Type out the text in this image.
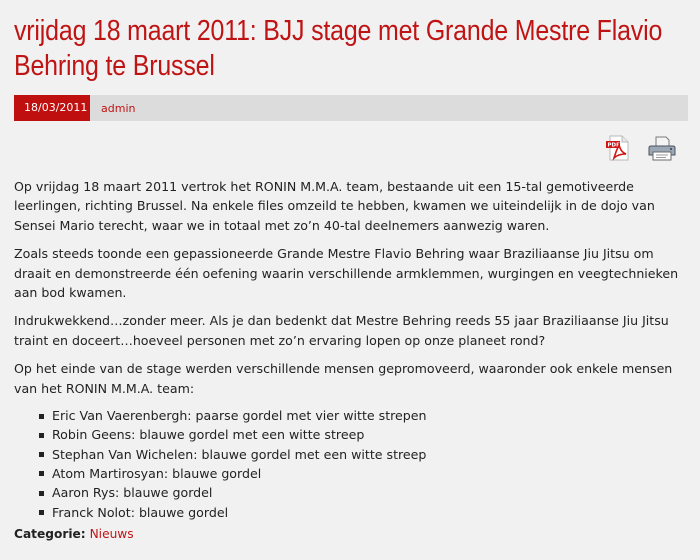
vrijdag 18 maart 2011: BJJ stage met Grande Mestre Flavio Behring te Brussel
18/03/2011 admin
PDF

Op vrijdag 18 maart 2011 vertrok het RONIN M.M.A. team, bestaande uit een 15-tal gemotiveerde leerlingen, richting Brussel. Na enkele files omzeild te hebben, kwamen we uiteindelijk in de dojo van Sensei Mario terecht, waar we in totaal met zo’n 40-tal deelnemers aanwezig waren.

Zoals steeds toonde een gepassioneerde Grande Mestre Flavio Behring waar Braziliaanse Jiu Jitsu om draait en demonstreerde één oefening waarin verschillende armklemmen, wurgingen en veegtechnieken aan bod kwamen.

Indrukwekkend…zonder meer. Als je dan bedenkt dat Mestre Behring reeds 55 jaar Braziliaanse Jiu Jitsu traint en doceert…hoeveel personen met zo’n ervaring lopen op onze planeet rond?

Op het einde van de stage werden verschillende mensen gepromoveerd, waaronder ook enkele mensen van het RONIN M.M.A. team:

Eric Van Vaerenbergh: paarse gordel met vier witte strepen
Robin Geens: blauwe gordel met een witte streep
Stephan Van Wichelen: blauwe gordel met een witte streep
Atom Martirosyan: blauwe gordel
Aaron Rys: blauwe gordel
Franck Nolot: blauwe gordel
Categorie: Nieuws
